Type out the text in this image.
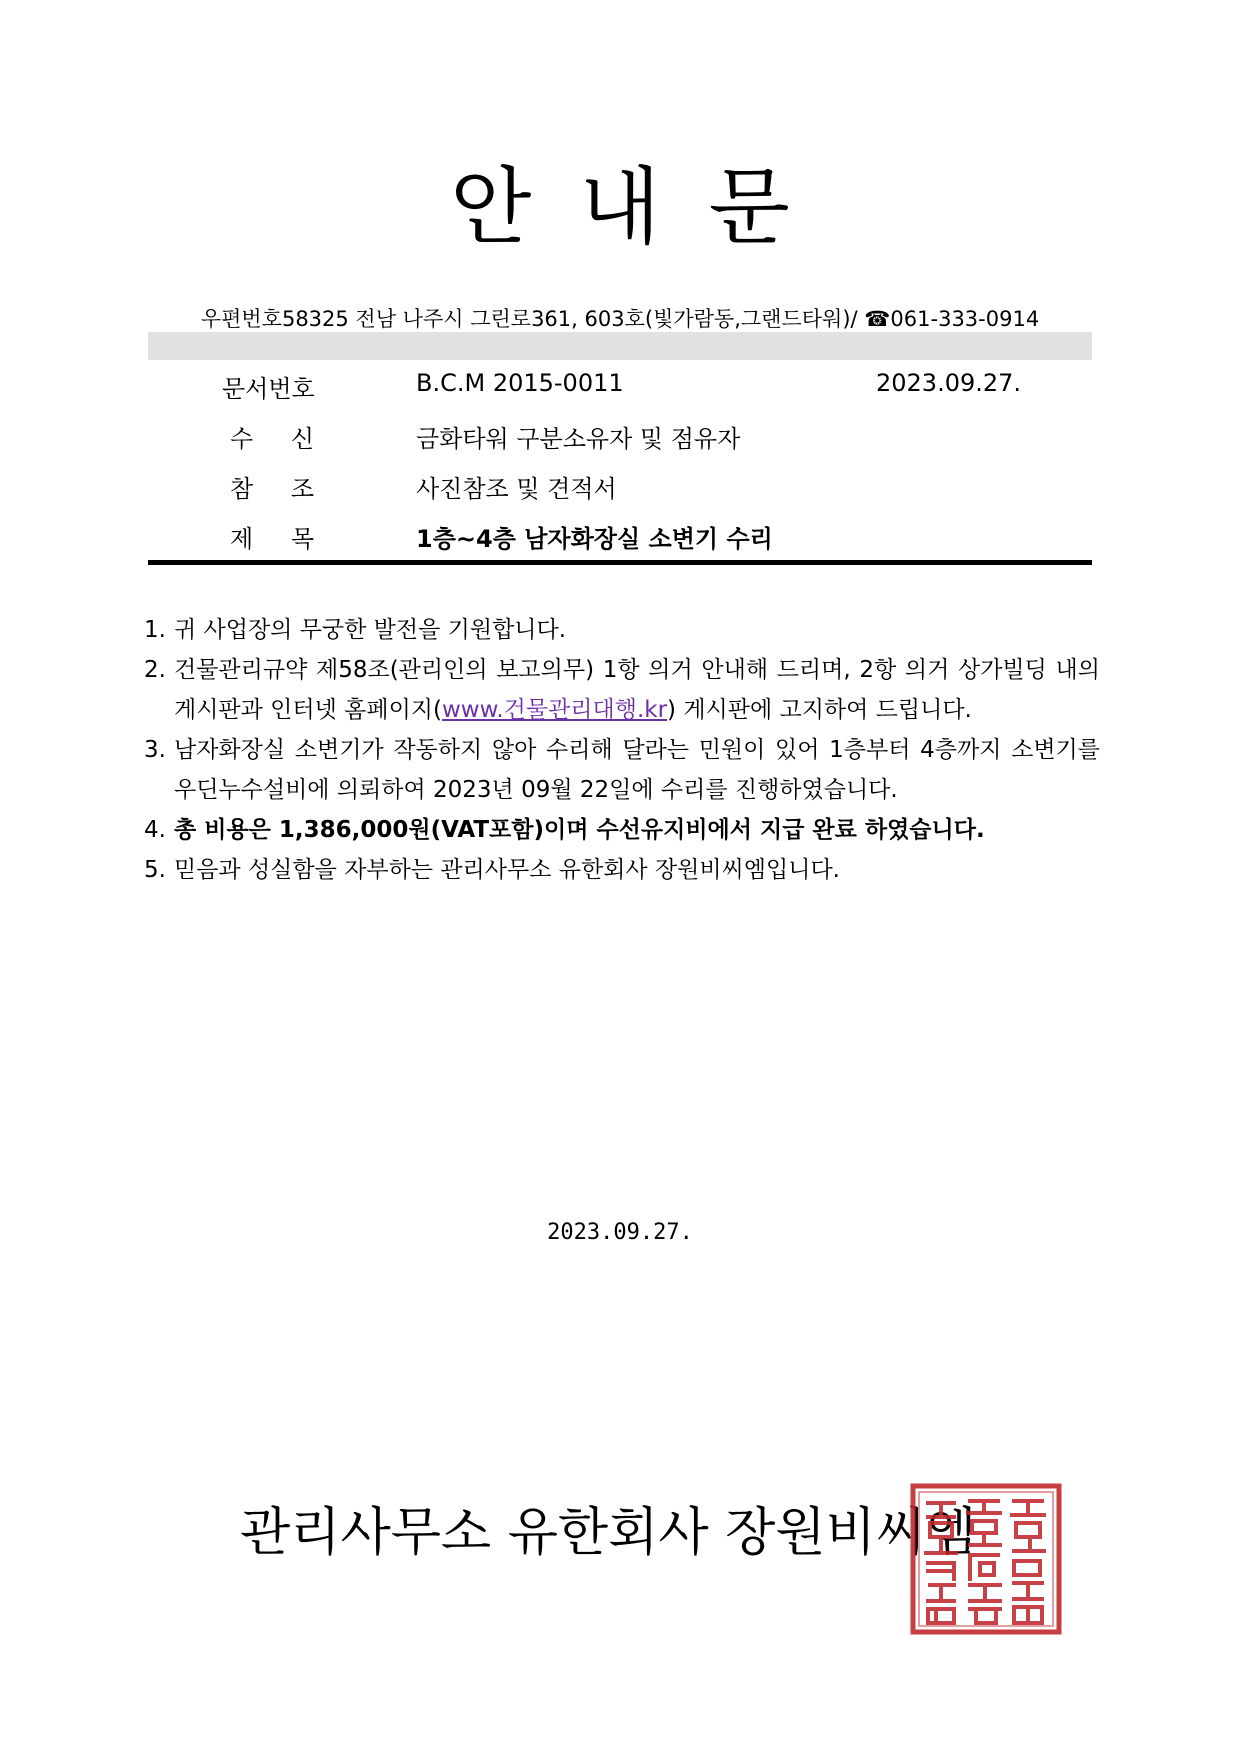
안 내 문
우편번호58325 전남 나주시 그린로361, 603호(빛가람동,그랜드타워)/ ☎061-333-0914
문서번호	B.C.M 2015-0011	2023.09.27.
수 신	금화타워 구분소유자 및 점유자
참 조	사진참조 및 견적서
제 목	1층~4층 남자화장실 소변기 수리
1. 귀 사업장의 무궁한 발전을 기원합니다.
2. 건물관리규약 제58조(관리인의 보고의무) 1항 의거 안내해 드리며, 2항 의거 상가빌딩 내의 게시판과 인터넷 홈페이지(www.건물관리대행.kr) 게시판에 고지하여 드립니다.
3. 남자화장실 소변기가 작동하지 않아 수리해 달라는 민원이 있어 1층부터 4층까지 소변기를 우딘누수설비에 의뢰하여 2023년 09월 22일에 수리를 진행하였습니다.
4. 총 비용은 1,386,000원(VAT포함)이며 수선유지비에서 지급 완료 하였습니다.
5. 믿음과 성실함을 자부하는 관리사무소 유한회사 장원비씨엠입니다.
2023.09.27.
관리사무소 유한회사 장원비씨엠
